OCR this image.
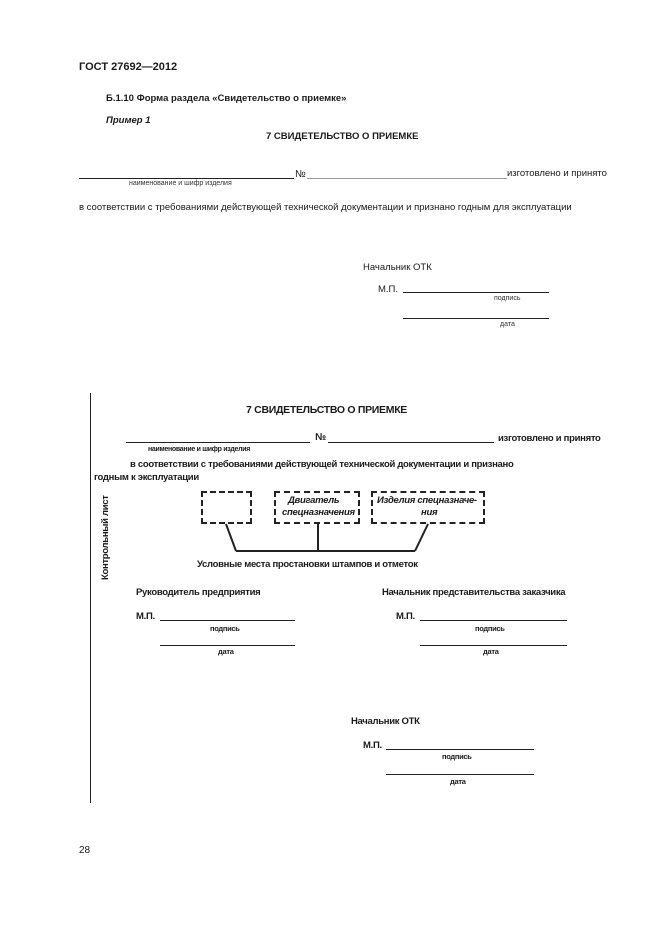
ГОСТ 27692—2012
Б.1.10 Форма раздела «Свидетельство о приемке»
Пример 1
7 СВИДЕТЕЛЬСТВО О ПРИЕМКЕ
№	изготовлено и принято
наименование и шифр изделия
в соответствии с требованиями действующей технической документации и признано годным для эксплуатации
Начальник ОТК
М.П.
подпись
дата
Контрольный лист
7 СВИДЕТЕЛЬСТВО О ПРИЕМКЕ
№	изготовлено и принято
наименование и шифр изделия
в соответствии с требованиями действующей технической документации и признано
годным к эксплуатации
Двигатель
спецназначения
Изделия спецназначе-
ния
Условные места простановки штампов и отметок
Руководитель предприятия	Начальник представительства заказчика
М.П.
подпись
дата
М.П.
подпись
дата
Начальник ОТК
М.П.
подпись
дата
28
